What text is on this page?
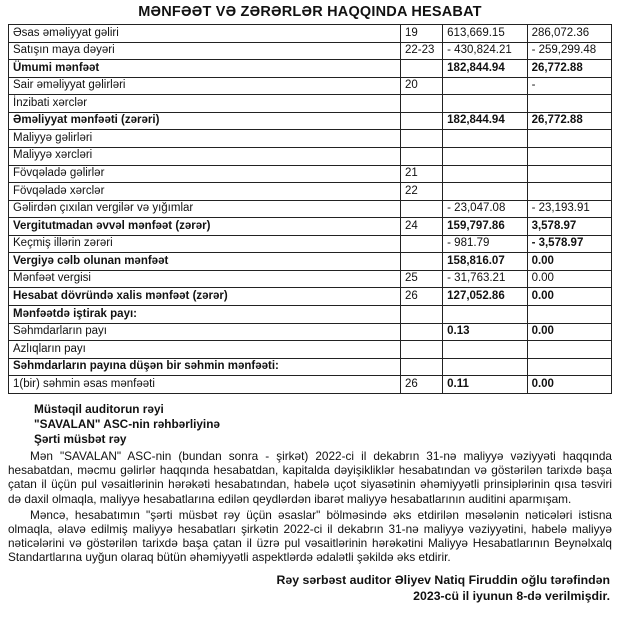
MƏNFƏƏT VƏ ZƏRƏRLƏR HAQQINDA HESABAT
Əsas əməliyyat gəliri	19	613,669.15	286,072.36
Satışın maya dəyəri	22-23	- 430,824.21	- 259,299.48
Ümumi mənfəət		182,844.94	26,772.88
Sair əməliyyat gəlirləri	20		-
İnzibati xərclər			
Əməliyyat mənfəəti (zərəri)		182,844.94	26,772.88
Maliyyə gəlirləri			
Maliyyə xərcləri			
Fövqəladə gəlirlər	21		
Fövqəladə xərclər	22		
Gəlirdən çıxılan vergilər və yığımlar		- 23,047.08	- 23,193.91
Vergitutmadan əvvəl mənfəət (zərər)	24	159,797.86	3,578.97
Keçmiş illərin zərəri		- 981.79	- 3,578.97
Vergiyə cəlb olunan mənfəət		158,816.07	0.00
Mənfəət vergisi	25	- 31,763.21	0.00
Hesabat dövründə xalis mənfəət (zərər)	26	127,052.86	0.00
Mənfəətdə iştirak payı:			
Səhmdarların payı		0.13	0.00
Azlıqların payı			
Səhmdarların payına düşən bir səhmin mənfəəti:			
1(bir) səhmin əsas mənfəəti	26	0.11	0.00
Müstəqil auditorun rəyi
"SAVALAN" ASC-nin rəhbərliyinə
Şərti müsbət rəy
Mən "SAVALAN" ASC-nin (bundan sonra - şirkət) 2022-ci il dekabrın 31-nə maliyyə vəziyyəti haqqında hesabatdan, məcmu gəlirlər haqqında hesabatdan, kapitalda dəyişikliklər hesabatından və göstərilən tarixdə başa çatan il üçün pul vəsaitlərinin hərəkəti hesabatından, habelə uçot siyasətinin əhəmiyyətli prinsiplərinin qısa təsviri də daxil olmaqla, maliyyə hesabatlarına edilən qeydlərdən ibarət maliyyə hesabatlarının auditini aparmışam.
Məncə, hesabatımın "şərti müsbət rəy üçün əsaslar" bölməsində əks etdirilən məsələnin nəticələri istisna olmaqla, əlavə edilmiş maliyyə hesabatları şirkətin 2022-ci il dekabrın 31-nə maliyyə vəziyyətini, habelə maliyyə nəticələrini və göstərilən tarixdə başa çatan il üzrə pul vəsaitlərinin hərəkətini Maliyyə Hesabatlarının Beynəlxalq Standartlarına uyğun olaraq bütün əhəmiyyətli aspektlərdə ədalətli şəkildə əks etdirir.
Rəy sərbəst auditor Əliyev Natiq Firuddin oğlu tərəfindən
2023-cü il iyunun 8-də verilmişdir.
